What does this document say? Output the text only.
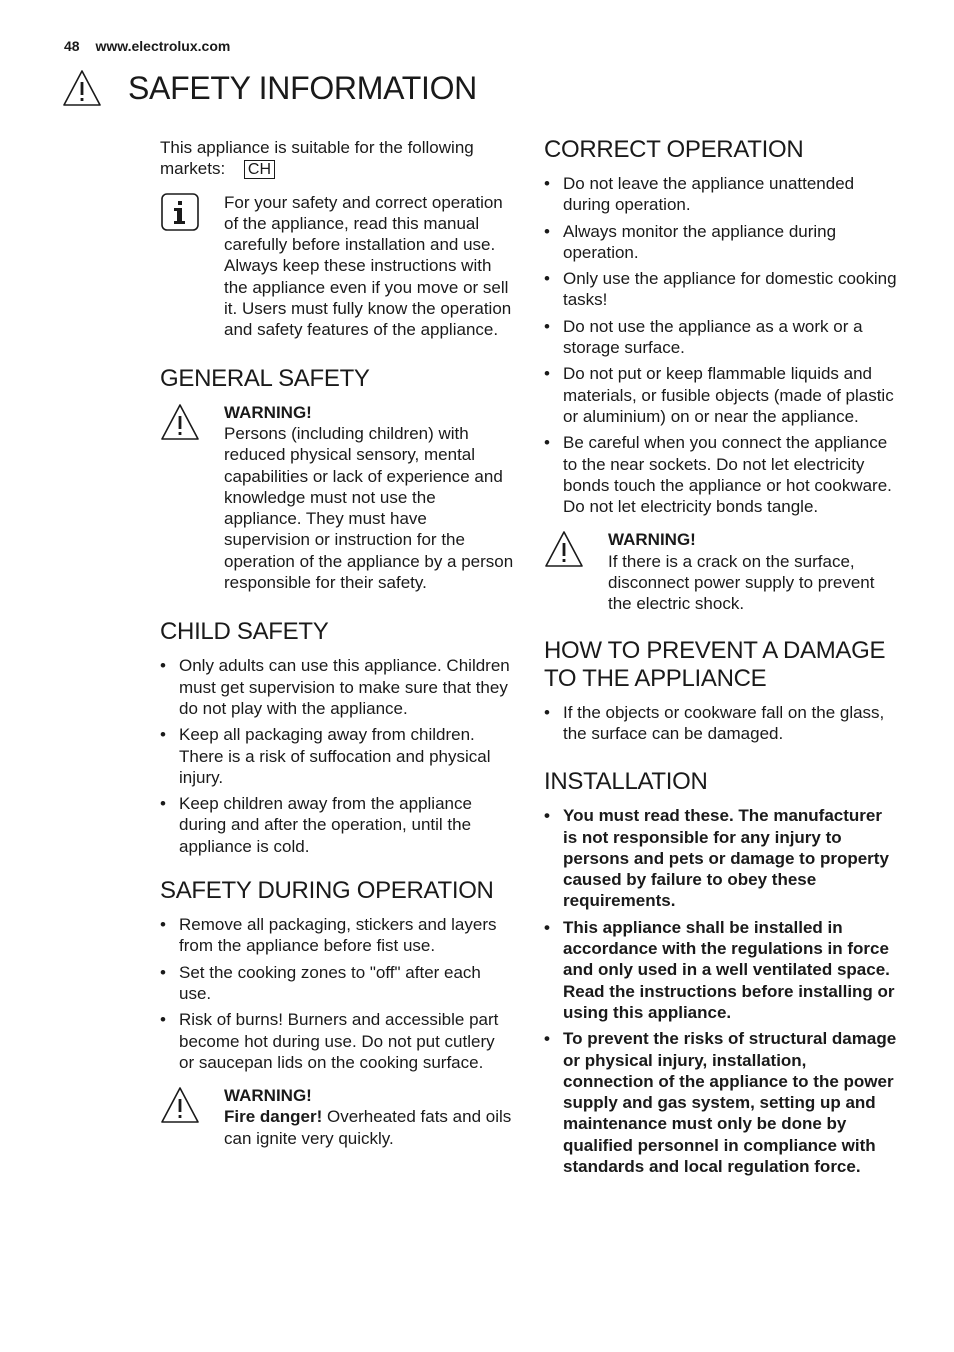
48 www.electrolux.com
SAFETY INFORMATION

This appliance is suitable for the following markets: CH

For your safety and correct operation of the appliance, read this manual carefully before installation and use. Always keep these instructions with the appliance even if you move or sell it. Users must fully know the operation and safety features of the appliance.

GENERAL SAFETY
WARNING!

Persons (including children) with reduced physical sensory, mental capabilities or lack of experience and knowledge must not use the appliance. They must have supervision or instruction for the operation of the appliance by a person responsible for their safety.

CHILD SAFETY
• Only adults can use this appliance. Children must get supervision to make sure that they do not play with the appliance.
• Keep all packaging away from children. There is a risk of suffocation and physical injury.
• Keep children away from the appliance during and after the operation, until the appliance is cold.
SAFETY DURING OPERATION
• Remove all packaging, stickers and layers from the appliance before fist use.
• Set the cooking zones to "off" after each use.
• Risk of burns! Burners and accessible part become hot during use. Do not put cutlery or saucepan lids on the cooking surface.
WARNING!

Fire danger! Overheated fats and oils can ignite very quickly.

CORRECT OPERATION
• Do not leave the appliance unattended during operation.
• Always monitor the appliance during operation.
• Only use the appliance for domestic cooking tasks!
• Do not use the appliance as a work or a storage surface.
• Do not put or keep flammable liquids and materials, or fusible objects (made of plastic or aluminium) on or near the appliance.
• Be careful when you connect the appliance to the near sockets. Do not let electricity bonds touch the appliance or hot cookware. Do not let electricity bonds tangle.
WARNING!

If there is a crack on the surface, disconnect power supply to prevent the electric shock.

HOW TO PREVENT A DAMAGE TO THE APPLIANCE
• If the objects or cookware fall on the glass, the surface can be damaged.
INSTALLATION
• You must read these. The manufacturer is not responsible for any injury to persons and pets or damage to property caused by failure to obey these requirements.
• This appliance shall be installed in accordance with the regulations in force and only used in a well ventilated space. Read the instructions before installing or using this appliance.
• To prevent the risks of structural damage or physical injury, installation, connection of the appliance to the power supply and gas system, setting up and maintenance must only be done by qualified personnel in compliance with standards and local regulation force.
